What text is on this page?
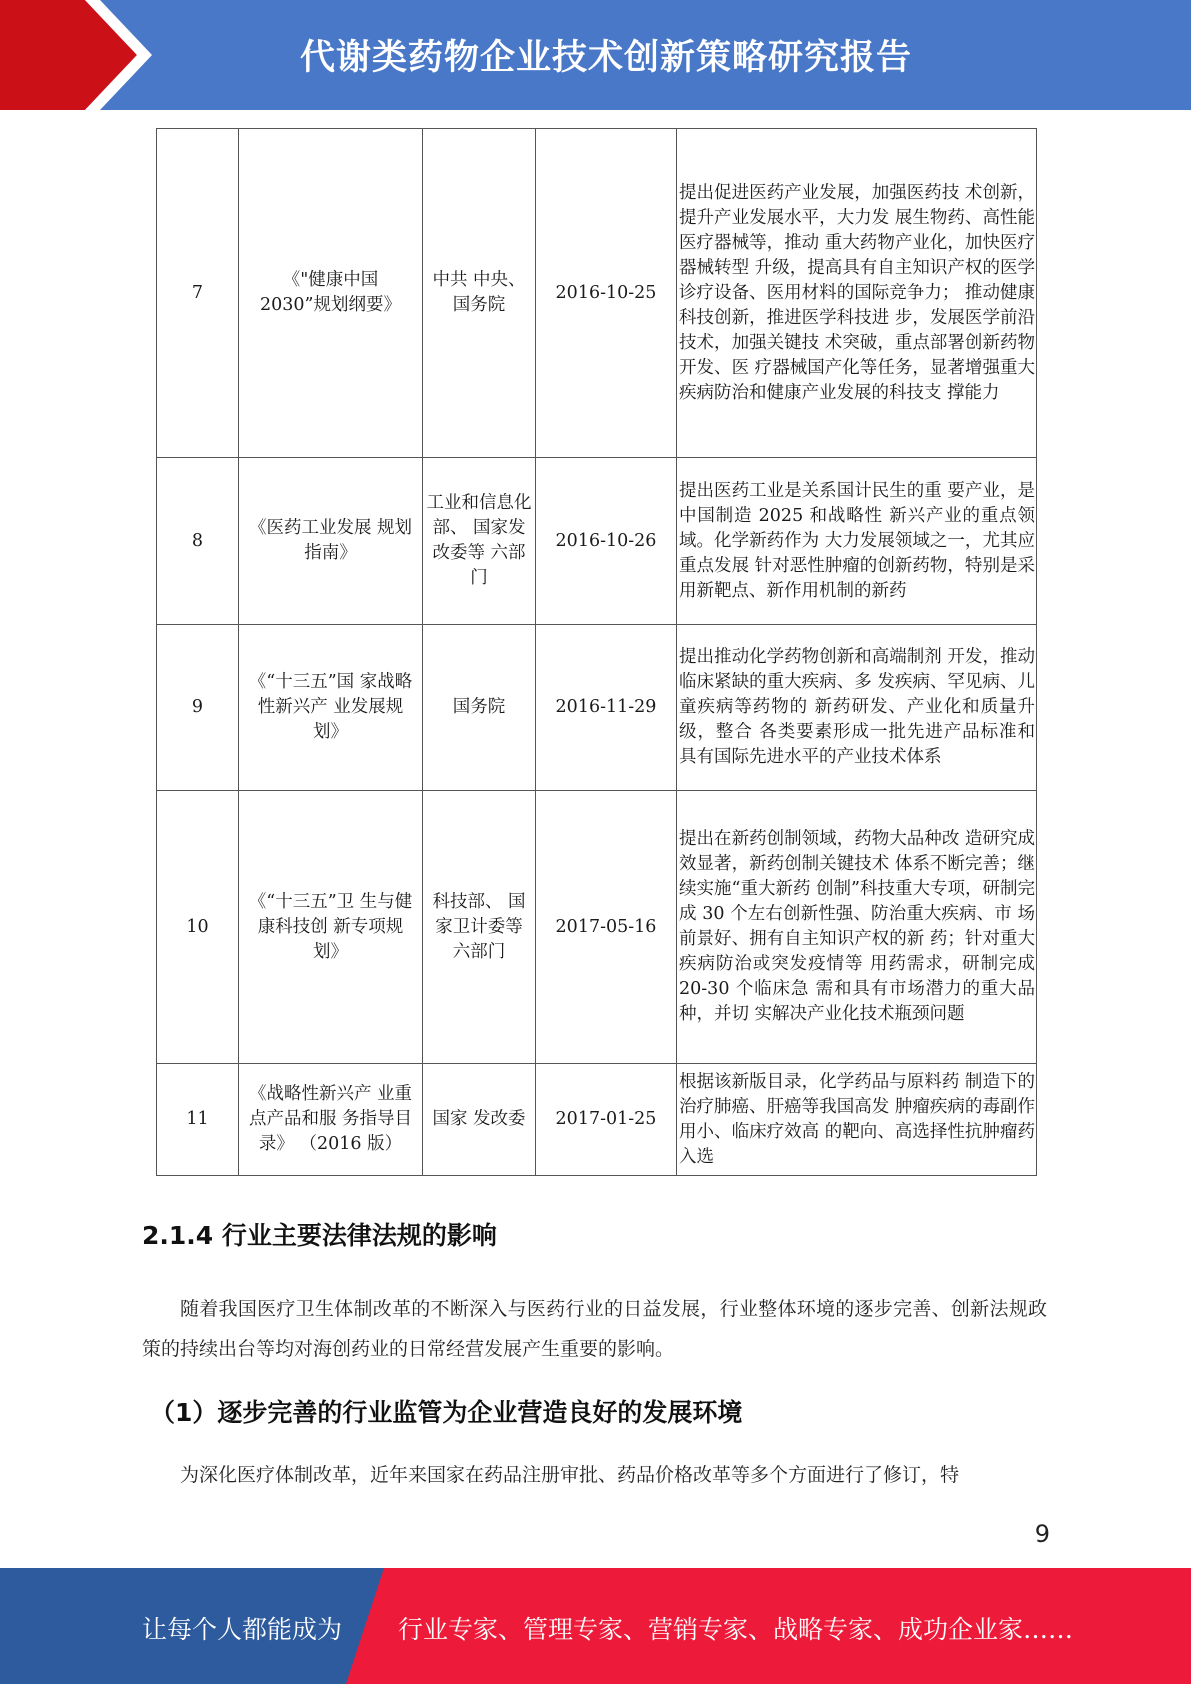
代谢类药物企业技术创新策略研究报告
7	《"健康中国 2030”规划纲要》	中共 中央、 国务院	2016-10-25	提出促进医药产业发展，加强医药技 术创新，提升产业发展水平，大力发 展生物药、高性能医疗器械等，推动 重大药物产业化，加快医疗器械转型 升级，提高具有自主知识产权的医学 诊疗设备、医用材料的国际竞争力； 推动健康科技创新，推进医学科技进 步，发展医学前沿技术，加强关键技 术突破，重点部署创新药物开发、医 疗器械国产化等任务，显著增强重大 疾病防治和健康产业发展的科技支 撑能力
8	《医药工业发展 规划指南》	工业和信息化部、 国家发改委等 六部门	2016-10-26	提出医药工业是关系国计民生的重 要产业，是中国制造 2025 和战略性 新兴产业的重点领域。化学新药作为 大力发展领域之一，尤其应重点发展 针对恶性肿瘤的创新药物，特别是采 用新靶点、新作用机制的新药
9	《“十三五”国 家战略性新兴产 业发展规划》	国务院	2016-11-29	提出推动化学药物创新和高端制剂 开发，推动临床紧缺的重大疾病、多 发疾病、罕见病、儿童疾病等药物的 新药研发、产业化和质量升级，整合 各类要素形成一批先进产品标准和 具有国际先进水平的产业技术体系
10	《“十三五”卫 生与健康科技创 新专项规划》	科技部、 国家卫计委等 六部门	2017-05-16	提出在新药创制领域，药物大品种改 造研究成效显著，新药创制关键技术 体系不断完善；继续实施“重大新药 创制”科技重大专项，研制完成 30 个左右创新性强、防治重大疾病、市 场前景好、拥有自主知识产权的新 药；针对重大疾病防治或突发疫情等 用药需求，研制完成 20-30 个临床急 需和具有市场潜力的重大品种，并切 实解决产业化技术瓶颈问题
11	《战略性新兴产 业重点产品和服 务指导目录》 （2016 版）	国家 发改委	2017-01-25	根据该新版目录，化学药品与原料药 制造下的治疗肺癌、肝癌等我国高发 肿瘤疾病的毒副作用小、临床疗效高 的靶向、高选择性抗肿瘤药入选
2.1.4 行业主要法律法规的影响
随着我国医疗卫生体制改革的不断深入与医药行业的日益发展，行业整体环境的逐步完善、创新法规政策的持续出台等均对海创药业的日常经营发展产生重要的影响。
（1）逐步完善的行业监管为企业营造良好的发展环境
为深化医疗体制改革，近年来国家在药品注册审批、药品价格改革等多个方面进行了修订，特
9
让每个人都能成为 行业专家、管理专家、营销专家、战略专家、成功企业家……
